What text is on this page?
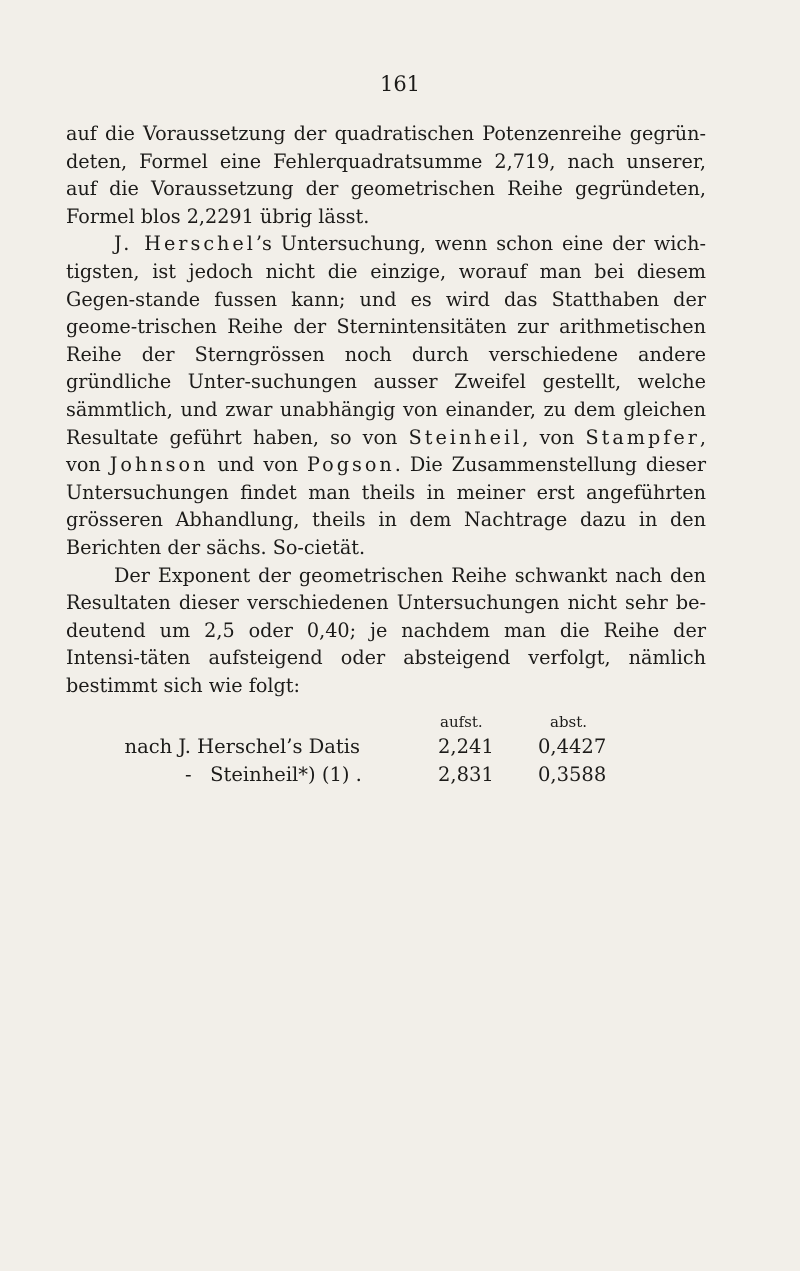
161

auf die Voraussetzung der quadratischen Potenzenreihe gegrün-deten, Formel eine Fehlerquadratsumme 2,719, nach unserer, auf die Voraussetzung der geometrischen Reihe gegründeten, Formel blos 2,2291 übrig lässt.

J. Herschel’s Untersuchung, wenn schon eine der wich-tigsten, ist jedoch nicht die einzige, worauf man bei diesem Gegen-stande fussen kann; und es wird das Statthaben der geome-trischen Reihe der Sternintensitäten zur arithmetischen Reihe der Sterngrössen noch durch verschiedene andere gründliche Unter-suchungen ausser Zweifel gestellt, welche sämmtlich, und zwar unabhängig von einander, zu dem gleichen Resultate geführt haben, so von Steinheil, von Stampfer, von Johnson und von Pogson. Die Zusammenstellung dieser Untersuchungen findet man theils in meiner erst angeführten grösseren Abhandlung, theils in dem Nachtrage dazu in den Berichten der sächs. So-cietät.

Der Exponent der geometrischen Reihe schwankt nach den Resultaten dieser verschiedenen Untersuchungen nicht sehr be-deutend um 2,5 oder 0,40; je nachdem man die Reihe der Intensi-täten aufsteigend oder absteigend verfolgt, nämlich bestimmt sich wie folgt:

aufst.	abst.
nach J. Herschel’s Datis	2,241 0,4427
-   Steinheil*) (1) .	2,831 0,3588
